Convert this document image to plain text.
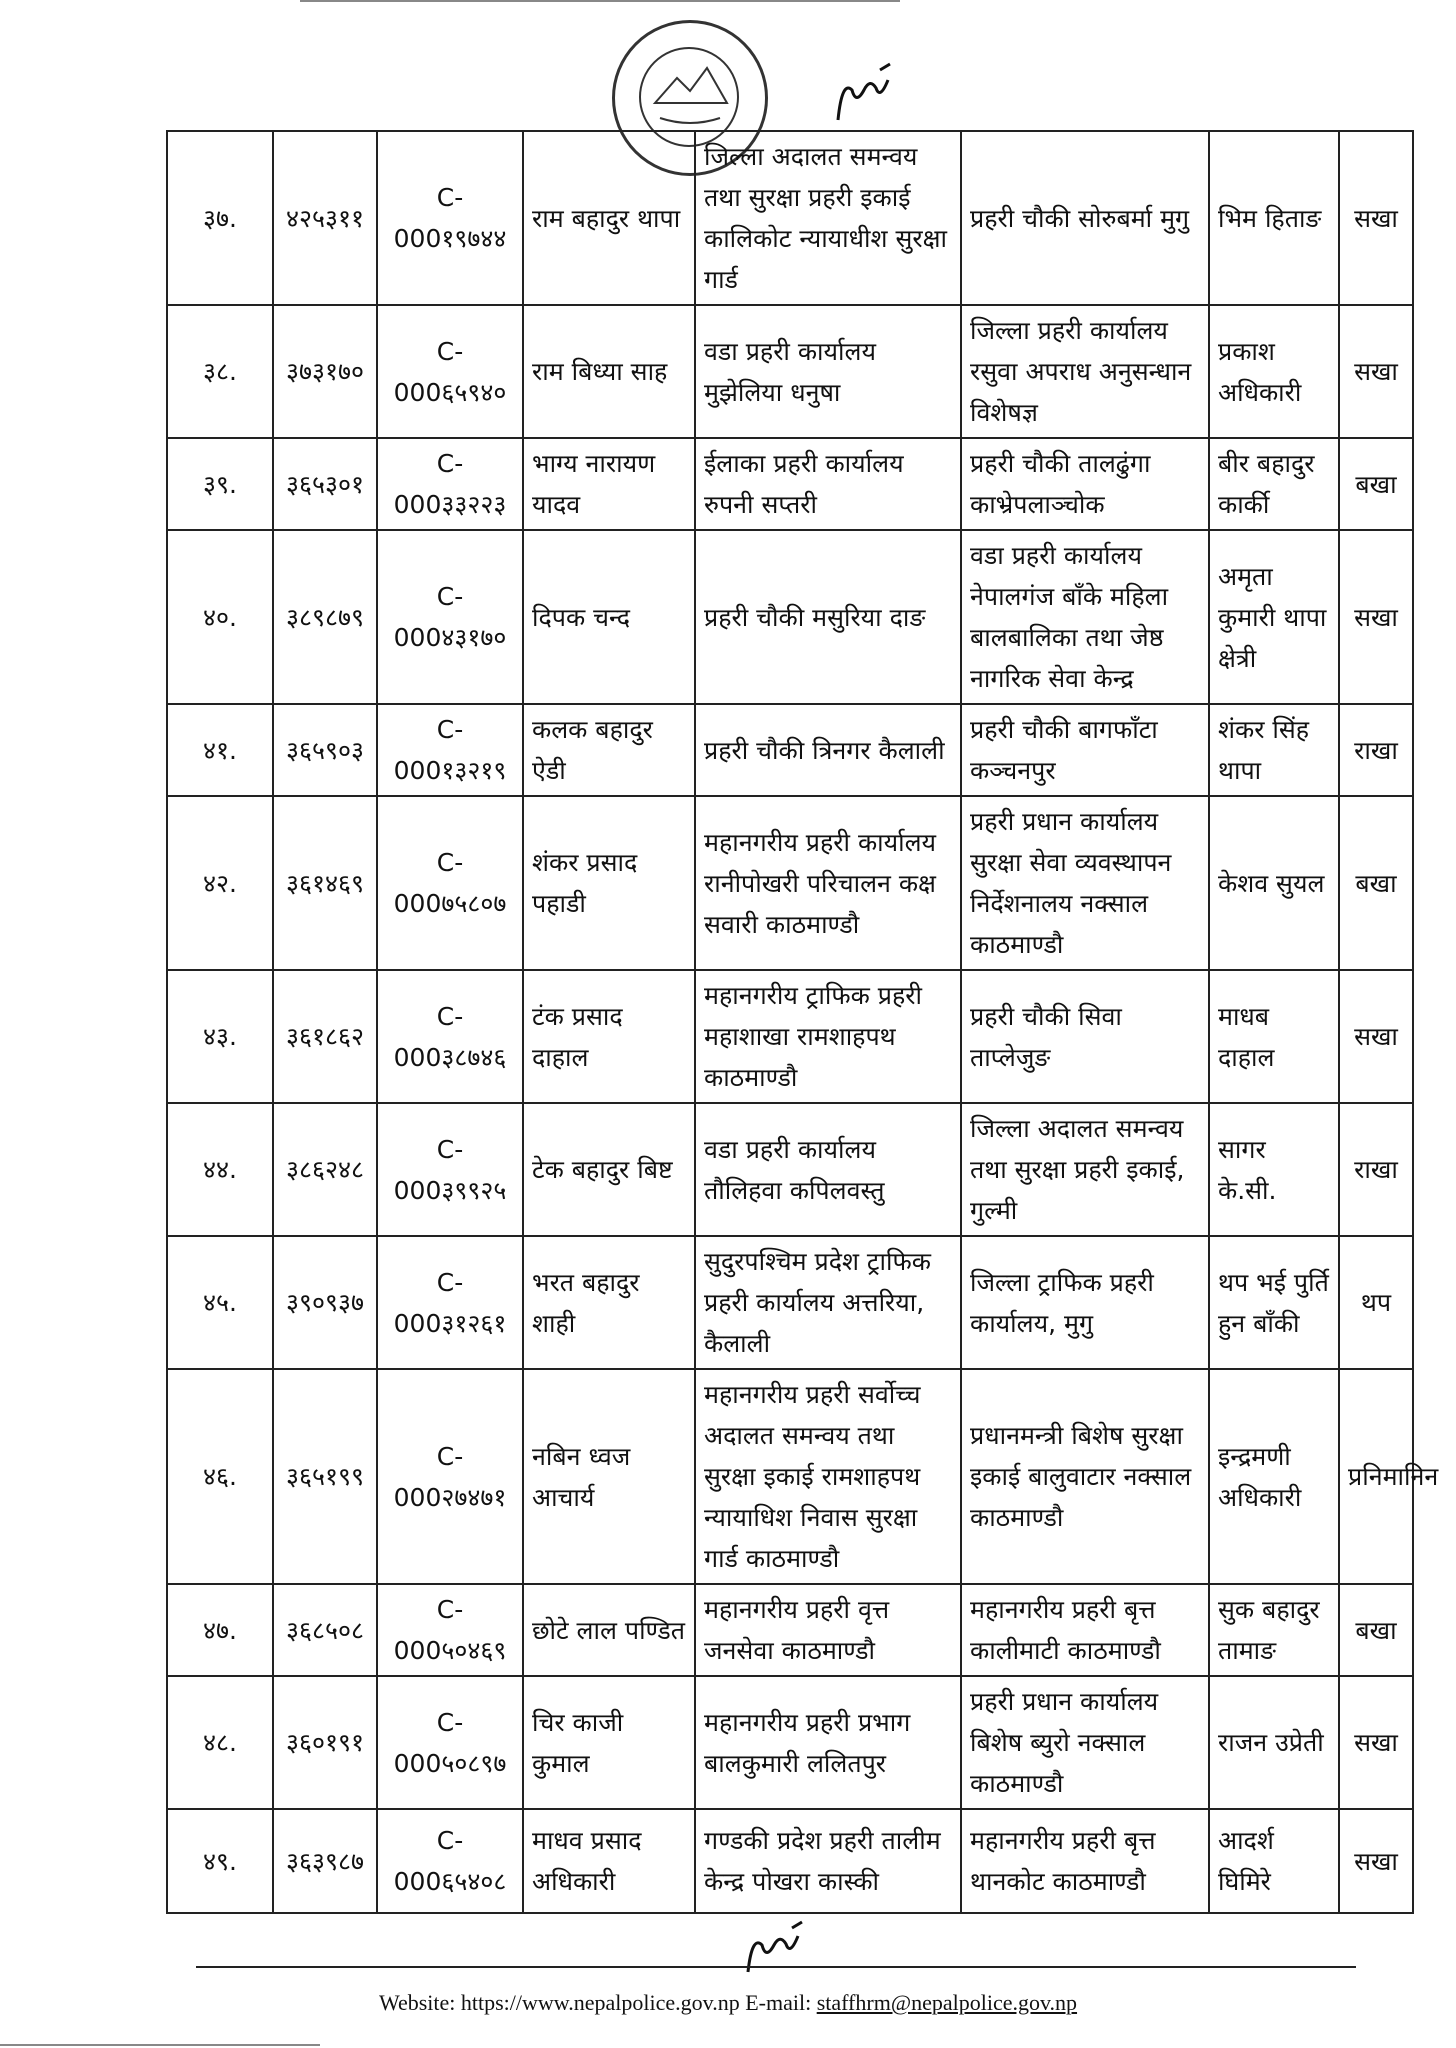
३७.	४२५३११	C-000१९७४४	राम बहादुर थापा	जिल्ला अदालत समन्वय तथा सुरक्षा प्रहरी इकाई कालिकोट न्यायाधीश सुरक्षा गार्ड	प्रहरी चौकी सोरुबर्मा मुगु	भिम हिताङ	सखा
३८.	३७३१७०	C-000६५९४०	राम बिध्या साह	वडा प्रहरी कार्यालय मुझेलिया धनुषा	जिल्ला प्रहरी कार्यालय रसुवा अपराध अनुसन्धान विशेषज्ञ	प्रकाश अधिकारी	सखा
३९.	३६५३०१	C-000३३२२३	भाग्य नारायण यादव	ईलाका प्रहरी कार्यालय रुपनी सप्तरी	प्रहरी चौकी तालढुंगा काभ्रेपलाञ्चोक	बीर बहादुर कार्की	बखा
४०.	३८९८७९	C-000४३१७०	दिपक चन्द	प्रहरी चौकी मसुरिया दाङ	वडा प्रहरी कार्यालय नेपालगंज बाँके महिला बालबालिका तथा जेष्ठ नागरिक सेवा केन्द्र	अमृता कुमारी थापा क्षेत्री	सखा
४१.	३६५९०३	C-000१३२१९	कलक बहादुर ऐडी	प्रहरी चौकी त्रिनगर कैलाली	प्रहरी चौकी बागफाँटा कञ्चनपुर	शंकर सिंह थापा	राखा
४२.	३६१४६९	C-000७५८०७	शंकर प्रसाद पहाडी	महानगरीय प्रहरी कार्यालय रानीपोखरी परिचालन कक्ष सवारी काठमाण्डौ	प्रहरी प्रधान कार्यालय सुरक्षा सेवा व्यवस्थापन निर्देशनालय नक्साल काठमाण्डौ	केशव सुयल	बखा
४३.	३६१८६२	C-000३८७४६	टंक प्रसाद दाहाल	महानगरीय ट्राफिक प्रहरी महाशाखा रामशाहपथ काठमाण्डौ	प्रहरी चौकी सिवा ताप्लेजुङ	माधब दाहाल	सखा
४४.	३८६२४८	C-000३९९२५	टेक बहादुर बिष्ट	वडा प्रहरी कार्यालय तौलिहवा कपिलवस्तु	जिल्ला अदालत समन्वय तथा सुरक्षा प्रहरी इकाई, गुल्मी	सागर के.सी.	राखा
४५.	३९०९३७	C-000३१२६१	भरत बहादुर शाही	सुदुरपश्चिम प्रदेश ट्राफिक प्रहरी कार्यालय अत्तरिया, कैलाली	जिल्ला ट्राफिक प्रहरी कार्यालय, मुगु	थप भई पुर्ति हुन बाँकी	थप
४६.	३६५१९९	C-000२७४७१	नबिन ध्वज आचार्य	महानगरीय प्रहरी सर्वोच्च अदालत समन्वय तथा सुरक्षा इकाई रामशाहपथ न्यायाधिश निवास सुरक्षा गार्ड काठमाण्डौ	प्रधानमन्त्री बिशेष सुरक्षा इकाई बालुवाटार नक्साल काठमाण्डौ	इन्द्रमणी अधिकारी	प्रनिमानिन
४७.	३६८५०८	C-000५०४६९	छोटे लाल पण्डित	महानगरीय प्रहरी वृत्त जनसेवा काठमाण्डौ	महानगरीय प्रहरी बृत्त कालीमाटी काठमाण्डौ	सुक बहादुर तामाङ	बखा
४८.	३६०१९१	C-000५०८९७	चिर काजी कुमाल	महानगरीय प्रहरी प्रभाग बालकुमारी ललितपुर	प्रहरी प्रधान कार्यालय बिशेष ब्युरो नक्साल काठमाण्डौ	राजन उप्रेती	सखा
४९.	३६३९८७	C-000६५४०८	माधव प्रसाद अधिकारी	गण्डकी प्रदेश प्रहरी तालीम केन्द्र पोखरा कास्की	महानगरीय प्रहरी बृत्त थानकोट काठमाण्डौ	आदर्श घिमिरे	सखा
Website: https://www.nepalpolice.gov.np E-mail: staffhrm@nepalpolice.gov.np
